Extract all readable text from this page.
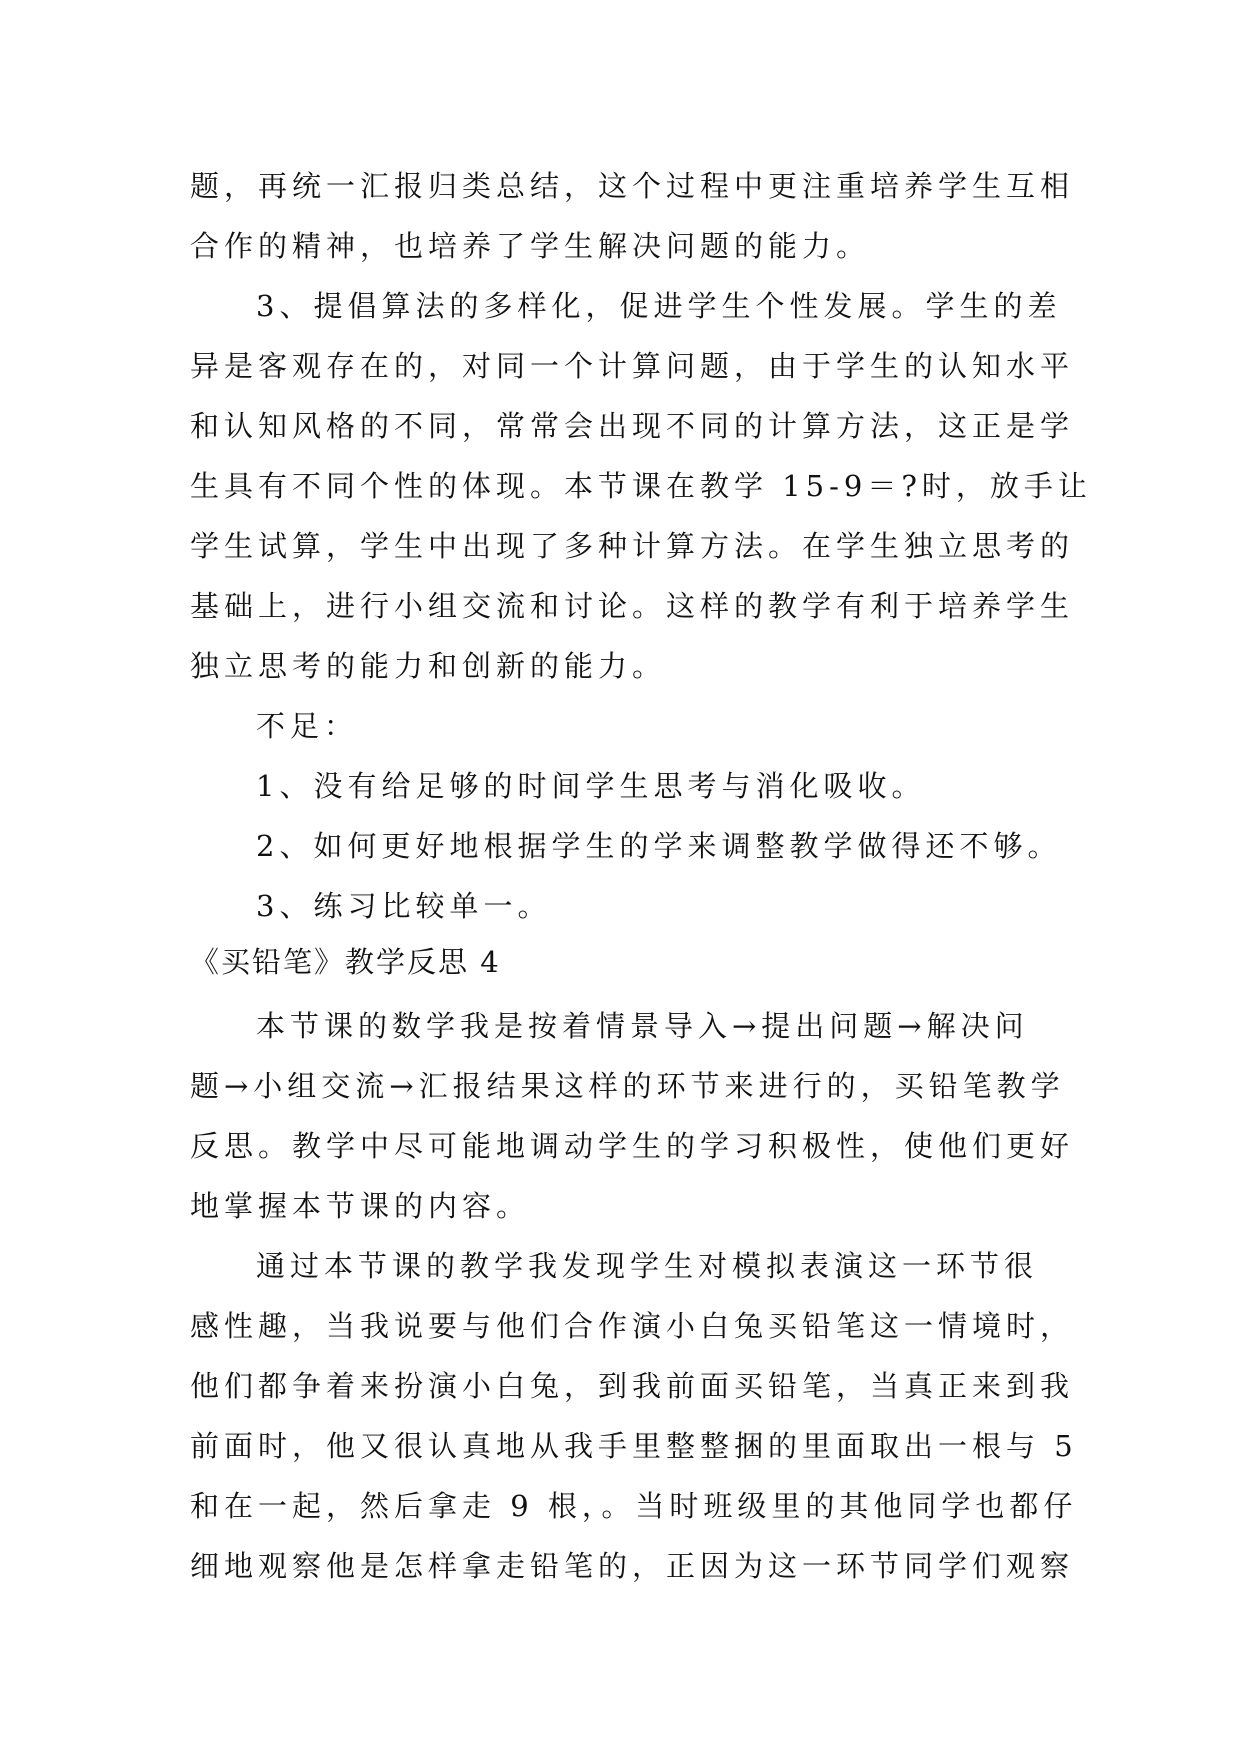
题，再统一汇报归类总结，这个过程中更注重培养学生互相
合作的精神，也培养了学生解决问题的能力。
3、提倡算法的多样化，促进学生个性发展。学生的差
异是客观存在的，对同一个计算问题，由于学生的认知水平
和认知风格的不同，常常会出现不同的计算方法，这正是学
生具有不同个性的体现。本节课在教学 15-9＝?时，放手让
学生试算，学生中出现了多种计算方法。在学生独立思考的
基础上，进行小组交流和讨论。这样的教学有利于培养学生
独立思考的能力和创新的能力。
不足：
1、没有给足够的时间学生思考与消化吸收。
2、如何更好地根据学生的学来调整教学做得还不够。
3、练习比较单一。
《买铅笔》教学反思 4
本节课的数学我是按着情景导入→提出问题→解决问
题→小组交流→汇报结果这样的环节来进行的，买铅笔教学
反思。教学中尽可能地调动学生的学习积极性，使他们更好
地掌握本节课的内容。
通过本节课的教学我发现学生对模拟表演这一环节很
感性趣，当我说要与他们合作演小白兔买铅笔这一情境时，
他们都争着来扮演小白兔，到我前面买铅笔，当真正来到我
前面时，他又很认真地从我手里整整捆的里面取出一根与 5
和在一起，然后拿走 9 根，。当时班级里的其他同学也都仔
细地观察他是怎样拿走铅笔的，正因为这一环节同学们观察
